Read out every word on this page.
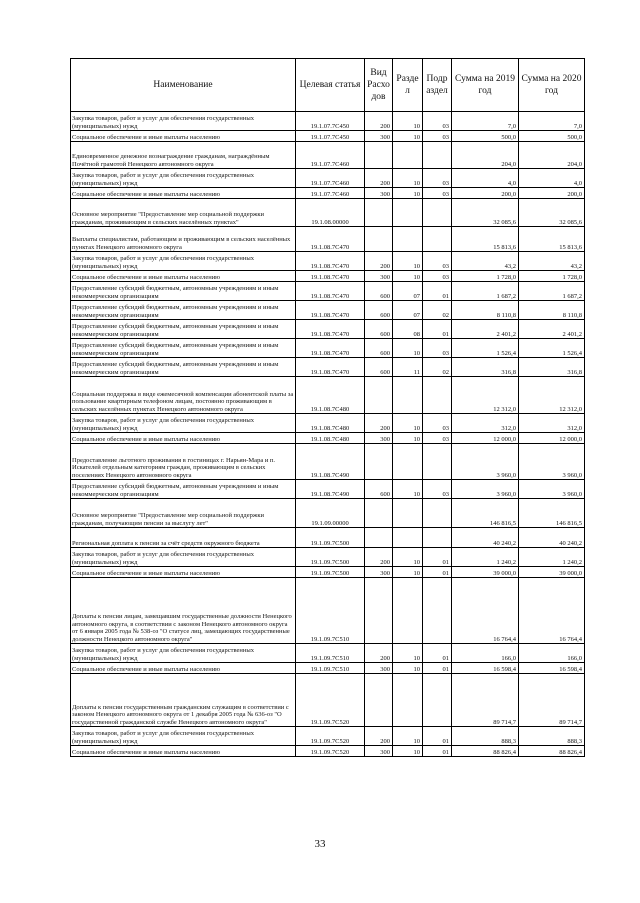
Наименование	Целевая статья	Вид Расхо дов	Разде л	Подр аздел	Сумма на 2019 год	Сумма на 2020 год
Закупка товаров, работ и услуг для обеспечения государственных (муниципальных) нужд	19.1.07.7С450	200	10	03	7,0	7,0
Социальное обеспечение и иные выплаты населению	19.1.07.7С450	300	10	03	500,0	500,0
Единовременное денежное вознаграждение гражданам, награждённым Почётной грамотой Ненецкого автономного округа	19.1.07.7С460				204,0	204,0
Закупка товаров, работ и услуг для обеспечения государственных (муниципальных) нужд	19.1.07.7С460	200	10	03	4,0	4,0
Социальное обеспечение и иные выплаты населению	19.1.07.7С460	300	10	03	200,0	200,0
Основное мероприятие "Предоставление мер социальной поддержки гражданам, проживающим в сельских населённых пунктах"	19.1.08.00000				32 085,6	32 085,6
Выплаты специалистам, работающим и проживающим в сельских населённых пунктах Ненецкого автономного округа	19.1.08.7С470				15 813,6	15 813,6
Закупка товаров, работ и услуг для обеспечения государственных (муниципальных) нужд	19.1.08.7С470	200	10	03	43,2	43,2
Социальное обеспечение и иные выплаты населению	19.1.08.7С470	300	10	03	1 728,0	1 728,0
Предоставление субсидий бюджетным, автономным учреждениям и иным некоммерческим организациям	19.1.08.7С470	600	07	01	1 687,2	1 687,2
Предоставление субсидий бюджетным, автономным учреждениям и иным некоммерческим организациям	19.1.08.7С470	600	07	02	8 110,8	8 110,8
Предоставление субсидий бюджетным, автономным учреждениям и иным некоммерческим организациям	19.1.08.7С470	600	08	01	2 401,2	2 401,2
Предоставление субсидий бюджетным, автономным учреждениям и иным некоммерческим организациям	19.1.08.7С470	600	10	03	1 526,4	1 526,4
Предоставление субсидий бюджетным, автономным учреждениям и иным некоммерческим организациям	19.1.08.7С470	600	11	02	316,8	316,8
Социальная поддержка в виде ежемесячной компенсации абонентской платы за пользование квартирным телефоном лицам, постоянно проживающим в сельских населённых пунктах Ненецкого автономного округа	19.1.08.7С480				12 312,0	12 312,0
Закупка товаров, работ и услуг для обеспечения государственных (муниципальных) нужд	19.1.08.7С480	200	10	03	312,0	312,0
Социальное обеспечение и иные выплаты населению	19.1.08.7С480	300	10	03	12 000,0	12 000,0
Предоставление льготного проживания в гостиницах г. Нарьян-Мара и п. Искателей отдельным категориям граждан, проживающим в сельских поселениях Ненецкого автономного округа	19.1.08.7С490				3 960,0	3 960,0
Предоставление субсидий бюджетным, автономным учреждениям и иным некоммерческим организациям	19.1.08.7С490	600	10	03	3 960,0	3 960,0
Основное мероприятие "Предоставление мер социальной поддержки гражданам, получающим пенсии за выслугу лет"	19.1.09.00000				146 816,5	146 816,5
Региональная доплата к пенсии за счёт средств окружного бюджета	19.1.09.7С500				40 240,2	40 240,2
Закупка товаров, работ и услуг для обеспечения государственных (муниципальных) нужд	19.1.09.7С500	200	10	01	1 240,2	1 240,2
Социальное обеспечение и иные выплаты населению	19.1.09.7С500	300	10	01	39 000,0	39 000,0
Доплаты к пенсии лицам, замещавшим государственные должности Ненецкого автономного округа, в соответствии с законом Ненецкого автономного округа от 6 января 2005 года № 538-оз "О статусе лиц, замещающих государственные должности Ненецкого автономного округа"	19.1.09.7С510				16 764,4	16 764,4
Закупка товаров, работ и услуг для обеспечения государственных (муниципальных) нужд	19.1.09.7С510	200	10	01	166,0	166,0
Социальное обеспечение и иные выплаты населению	19.1.09.7С510	300	10	01	16 598,4	16 598,4
Доплаты к пенсии государственным гражданским служащим в соответствии с законом Ненецкого автономного округа от 1 декабря 2005 года № 636-оз "О государственной гражданской службе Ненецкого автономного округа"	19.1.09.7С520				89 714,7	89 714,7
Закупка товаров, работ и услуг для обеспечения государственных (муниципальных) нужд	19.1.09.7С520	200	10	01	888,3	888,3
Социальное обеспечение и иные выплаты населению	19.1.09.7С520	300	10	01	88 826,4	88 826,4
33
